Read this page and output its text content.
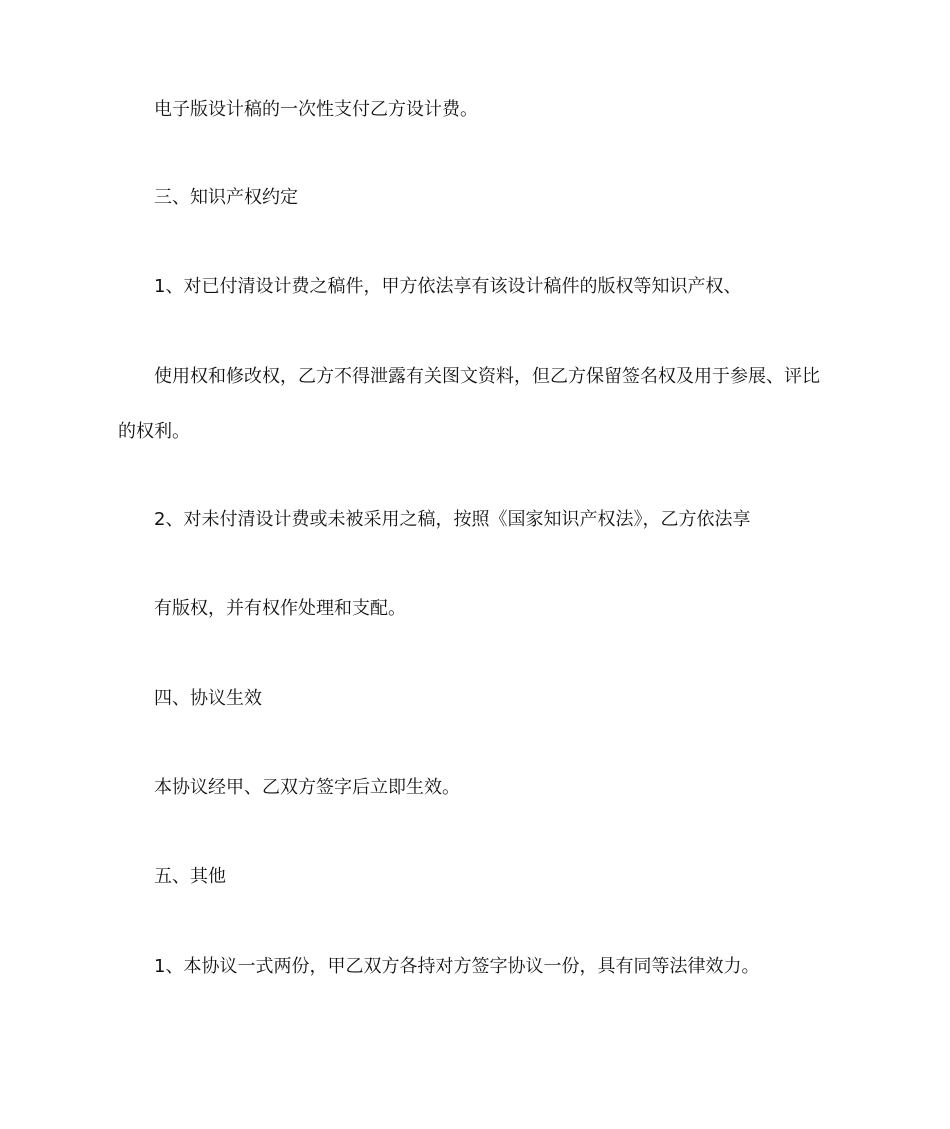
电子版设计稿的一次性支付乙方设计费。
三、知识产权约定
1、对已付清设计费之稿件，甲方依法享有该设计稿件的版权等知识产权、
使用权和修改权，乙方不得泄露有关图文资料，但乙方保留签名权及用于参展、评比
的权利。
2、对未付清设计费或未被采用之稿，按照《国家知识产权法》，乙方依法享
有版权，并有权作处理和支配。
四、协议生效
本协议经甲、乙双方签字后立即生效。
五、其他
1、本协议一式两份，甲乙双方各持对方签字协议一份，具有同等法律效力。
